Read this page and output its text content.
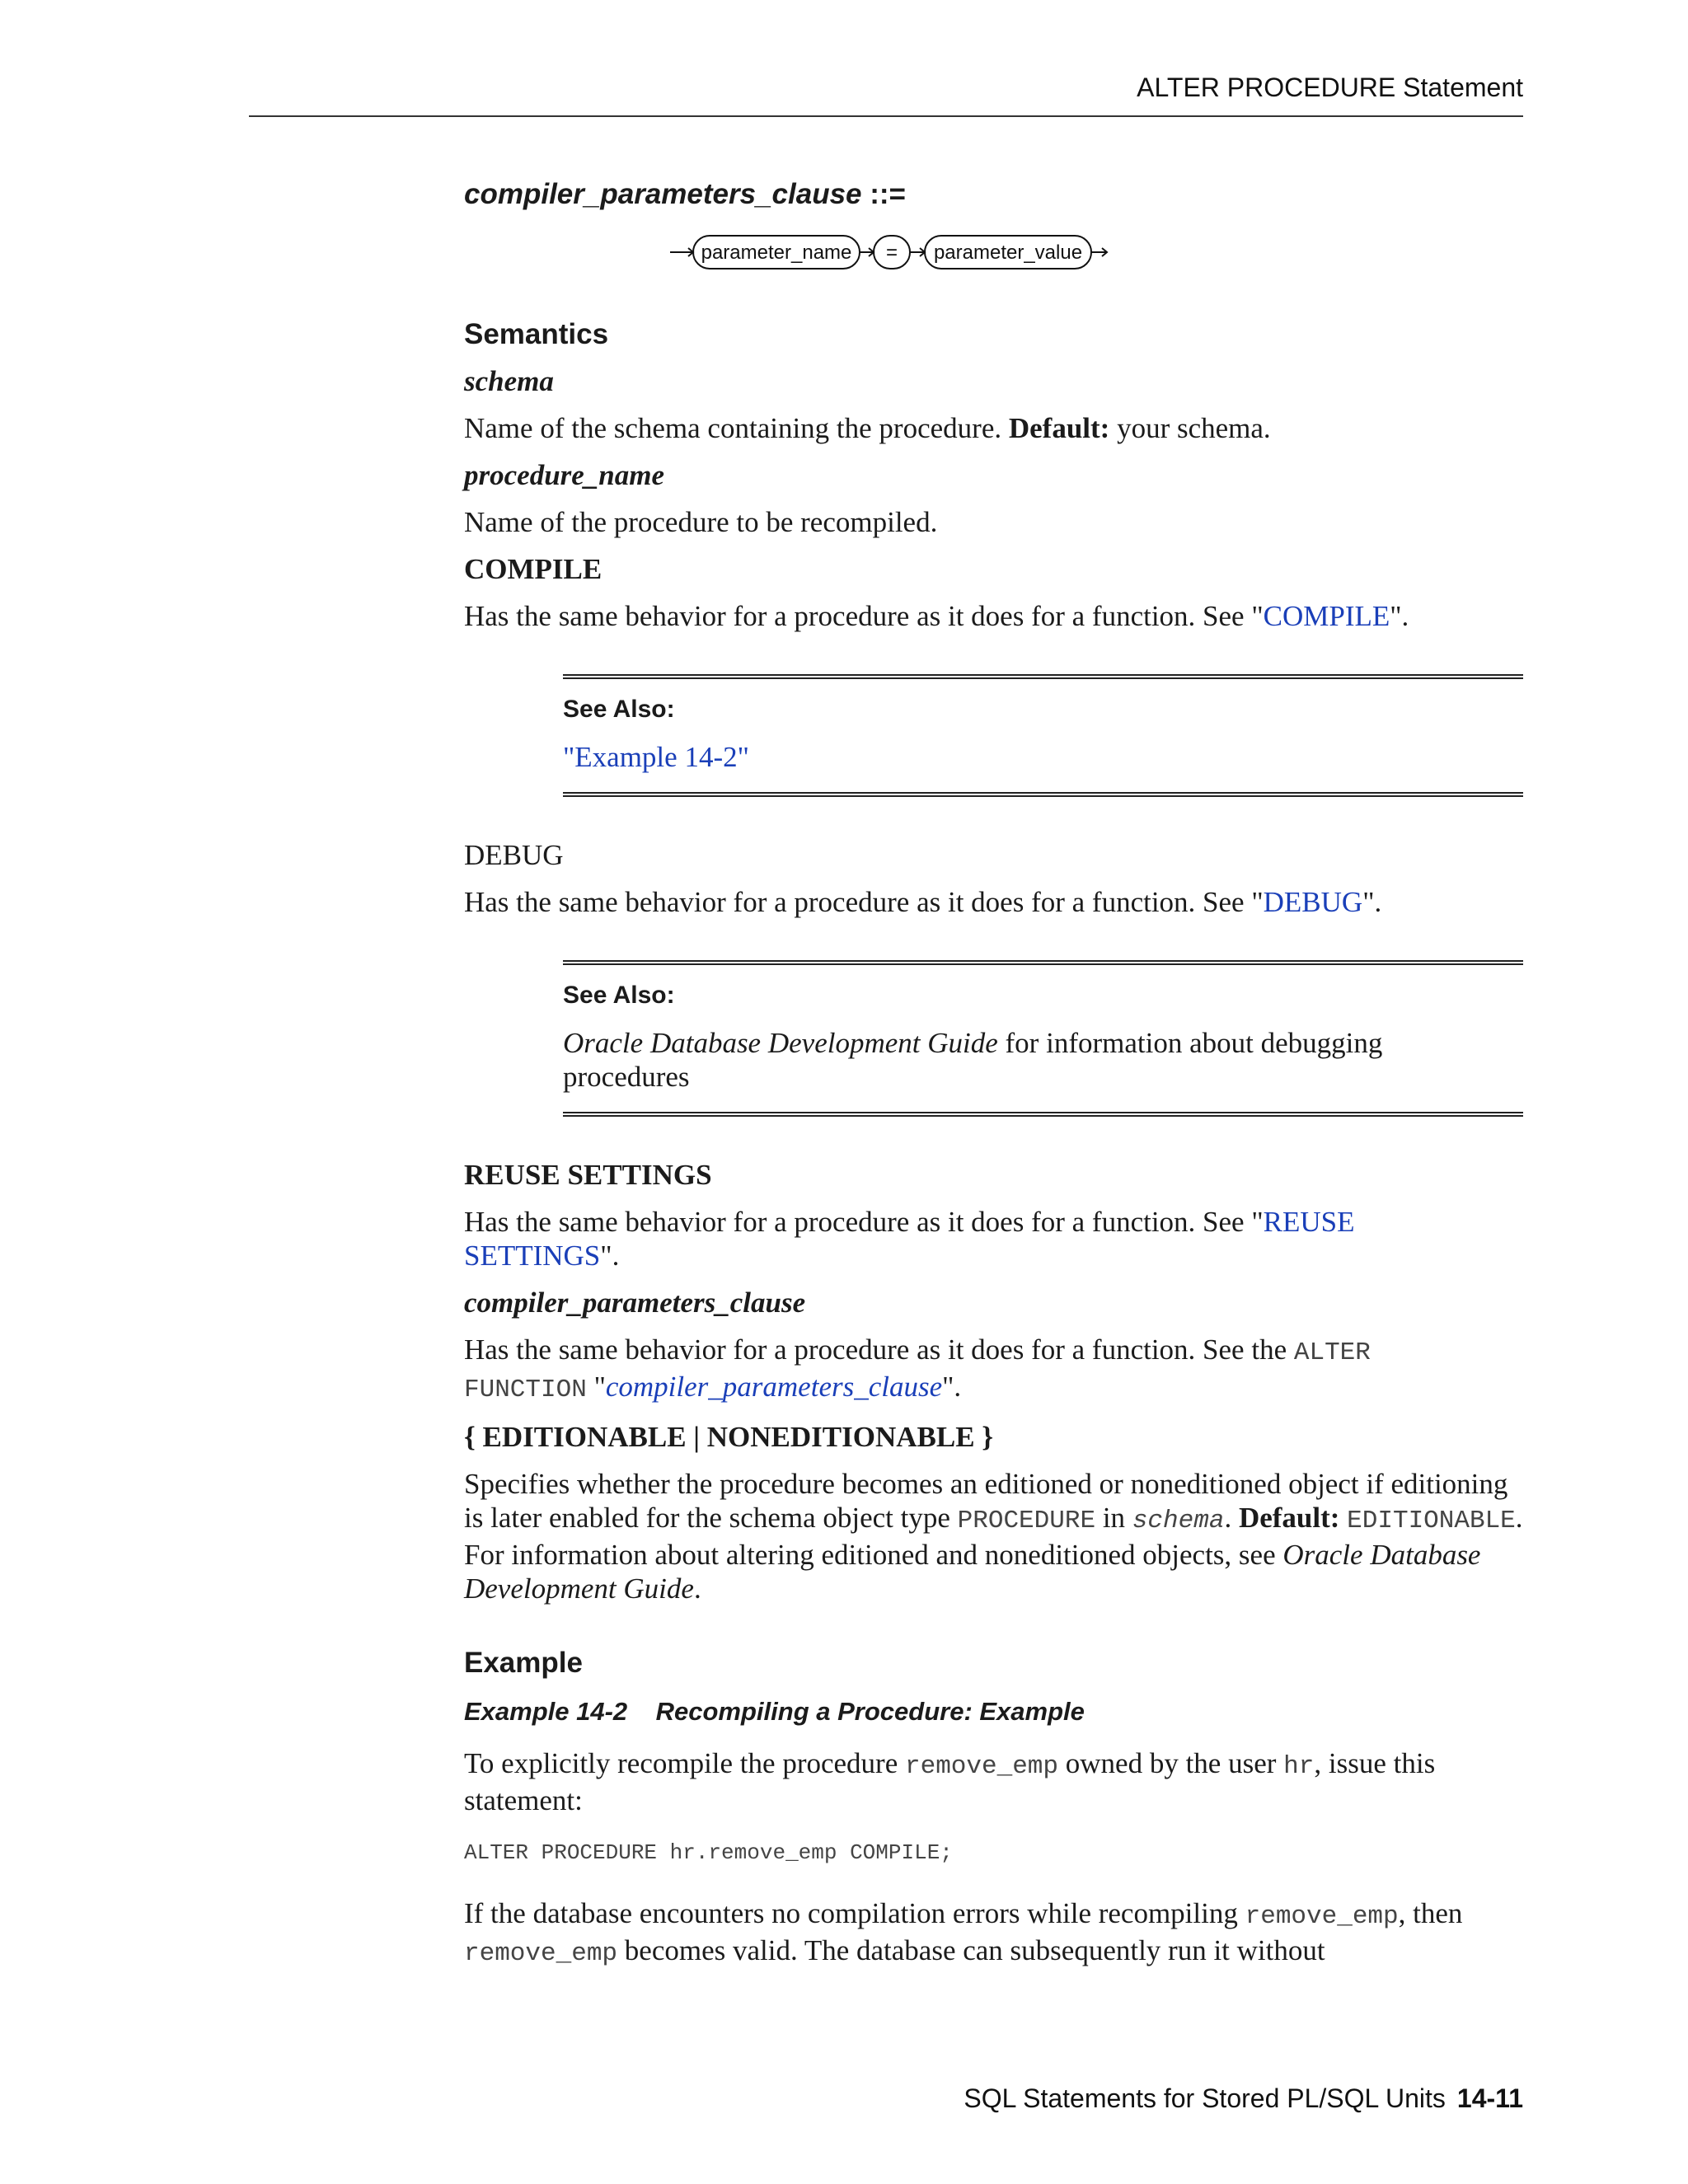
ALTER PROCEDURE Statement

compiler_parameters_clause ::=

parameter_name = parameter_value
Semantics

schema

Name of the schema containing the procedure. Default: your schema.

procedure_name

Name of the procedure to be recompiled.

COMPILE

Has the same behavior for a procedure as it does for a function. See "COMPILE".

See Also:

"Example 14-2"

DEBUG

Has the same behavior for a procedure as it does for a function. See "DEBUG".

See Also:

Oracle Database Development Guide for information about debugging procedures

REUSE SETTINGS

Has the same behavior for a procedure as it does for a function. See "REUSE SETTINGS".

compiler_parameters_clause

Has the same behavior for a procedure as it does for a function. See the ALTER FUNCTION "compiler_parameters_clause".

{ EDITIONABLE | NONEDITIONABLE }

Specifies whether the procedure becomes an editioned or noneditioned object if editioning is later enabled for the schema object type PROCEDURE in schema. Default: EDITIONABLE. For information about altering editioned and noneditioned objects, see Oracle Database Development Guide.

Example

Example 14-2    Recompiling a Procedure: Example

To explicitly recompile the procedure remove_emp owned by the user hr, issue this statement:

ALTER PROCEDURE hr.remove_emp COMPILE;

If the database encounters no compilation errors while recompiling remove_emp, then remove_emp becomes valid. The database can subsequently run it without

SQL Statements for Stored PL/SQL Units 14-11
